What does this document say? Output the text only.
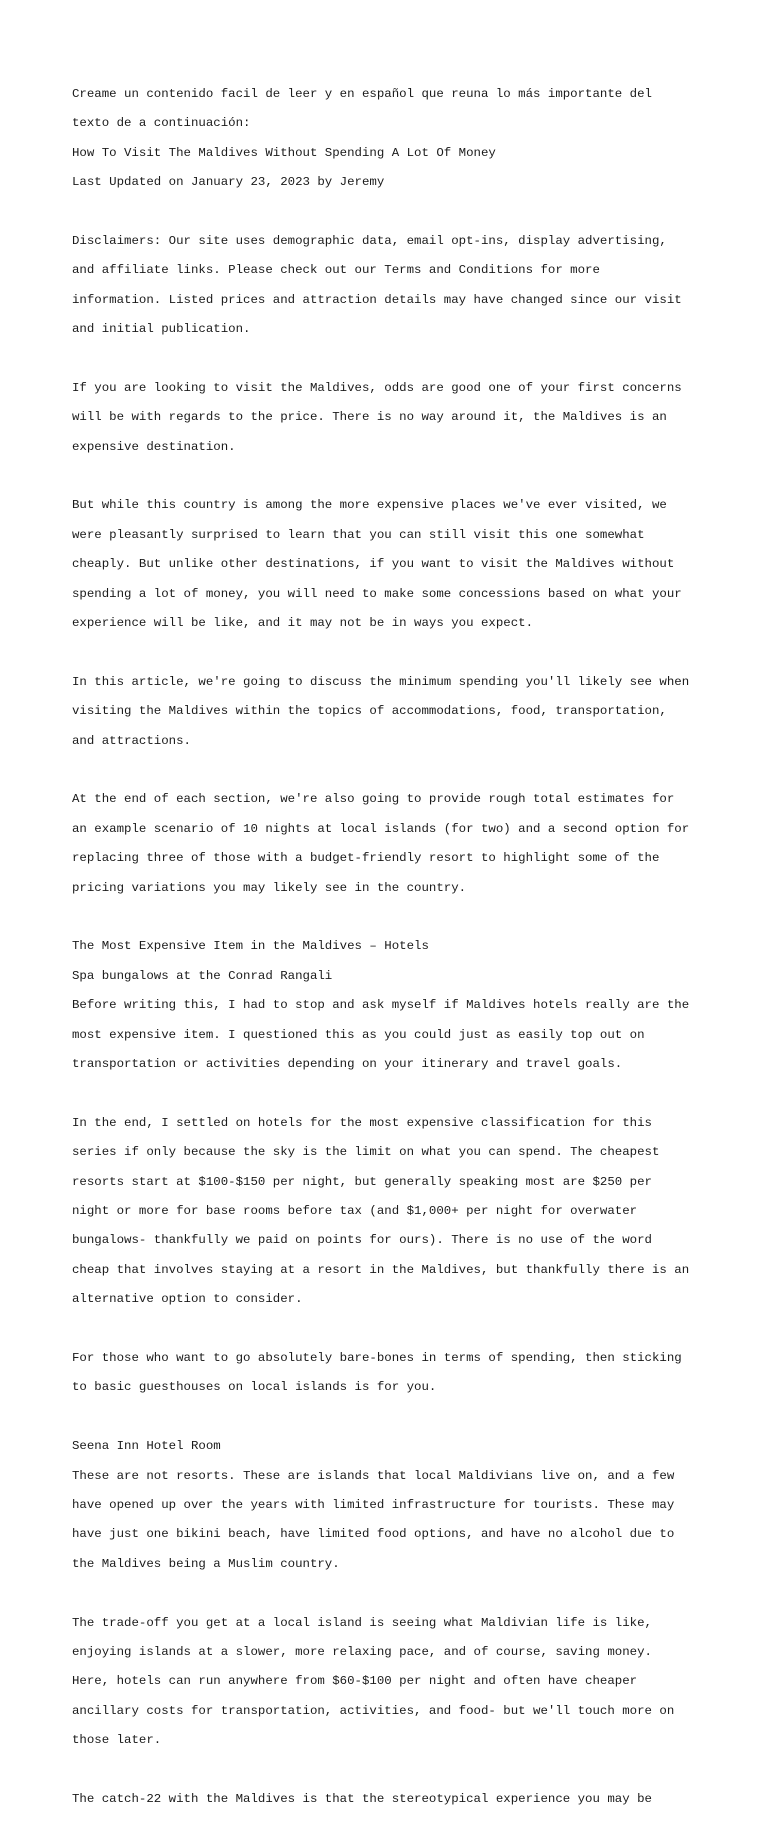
Creame un contenido facil de leer y en español que reuna lo más importante del

texto de a continuación:

How To Visit The Maldives Without Spending A Lot Of Money

Last Updated on January 23, 2023 by Jeremy

Disclaimers: Our site uses demographic data, email opt-ins, display advertising,

and affiliate links. Please check out our Terms and Conditions for more

information. Listed prices and attraction details may have changed since our visit

and initial publication.

If you are looking to visit the Maldives, odds are good one of your first concerns

will be with regards to the price. There is no way around it, the Maldives is an

expensive destination.

But while this country is among the more expensive places we've ever visited, we

were pleasantly surprised to learn that you can still visit this one somewhat

cheaply. But unlike other destinations, if you want to visit the Maldives without

spending a lot of money, you will need to make some concessions based on what your

experience will be like, and it may not be in ways you expect.

In this article, we're going to discuss the minimum spending you'll likely see when

visiting the Maldives within the topics of accommodations, food, transportation,

and attractions.

At the end of each section, we're also going to provide rough total estimates for

an example scenario of 10 nights at local islands (for two) and a second option for

replacing three of those with a budget-friendly resort to highlight some of the

pricing variations you may likely see in the country.

The Most Expensive Item in the Maldives – Hotels

Spa bungalows at the Conrad Rangali

Before writing this, I had to stop and ask myself if Maldives hotels really are the

most expensive item. I questioned this as you could just as easily top out on

transportation or activities depending on your itinerary and travel goals.

In the end, I settled on hotels for the most expensive classification for this

series if only because the sky is the limit on what you can spend. The cheapest

resorts start at $100-$150 per night, but generally speaking most are $250 per

night or more for base rooms before tax (and $1,000+ per night for overwater

bungalows- thankfully we paid on points for ours). There is no use of the word

cheap that involves staying at a resort in the Maldives, but thankfully there is an

alternative option to consider.

For those who want to go absolutely bare-bones in terms of spending, then sticking

to basic guesthouses on local islands is for you.

Seena Inn Hotel Room

These are not resorts. These are islands that local Maldivians live on, and a few

have opened up over the years with limited infrastructure for tourists. These may

have just one bikini beach, have limited food options, and have no alcohol due to

the Maldives being a Muslim country.

The trade-off you get at a local island is seeing what Maldivian life is like,

enjoying islands at a slower, more relaxing pace, and of course, saving money.

Here, hotels can run anywhere from $60-$100 per night and often have cheaper

ancillary costs for transportation, activities, and food- but we'll touch more on

those later.

The catch-22 with the Maldives is that the stereotypical experience you may be
